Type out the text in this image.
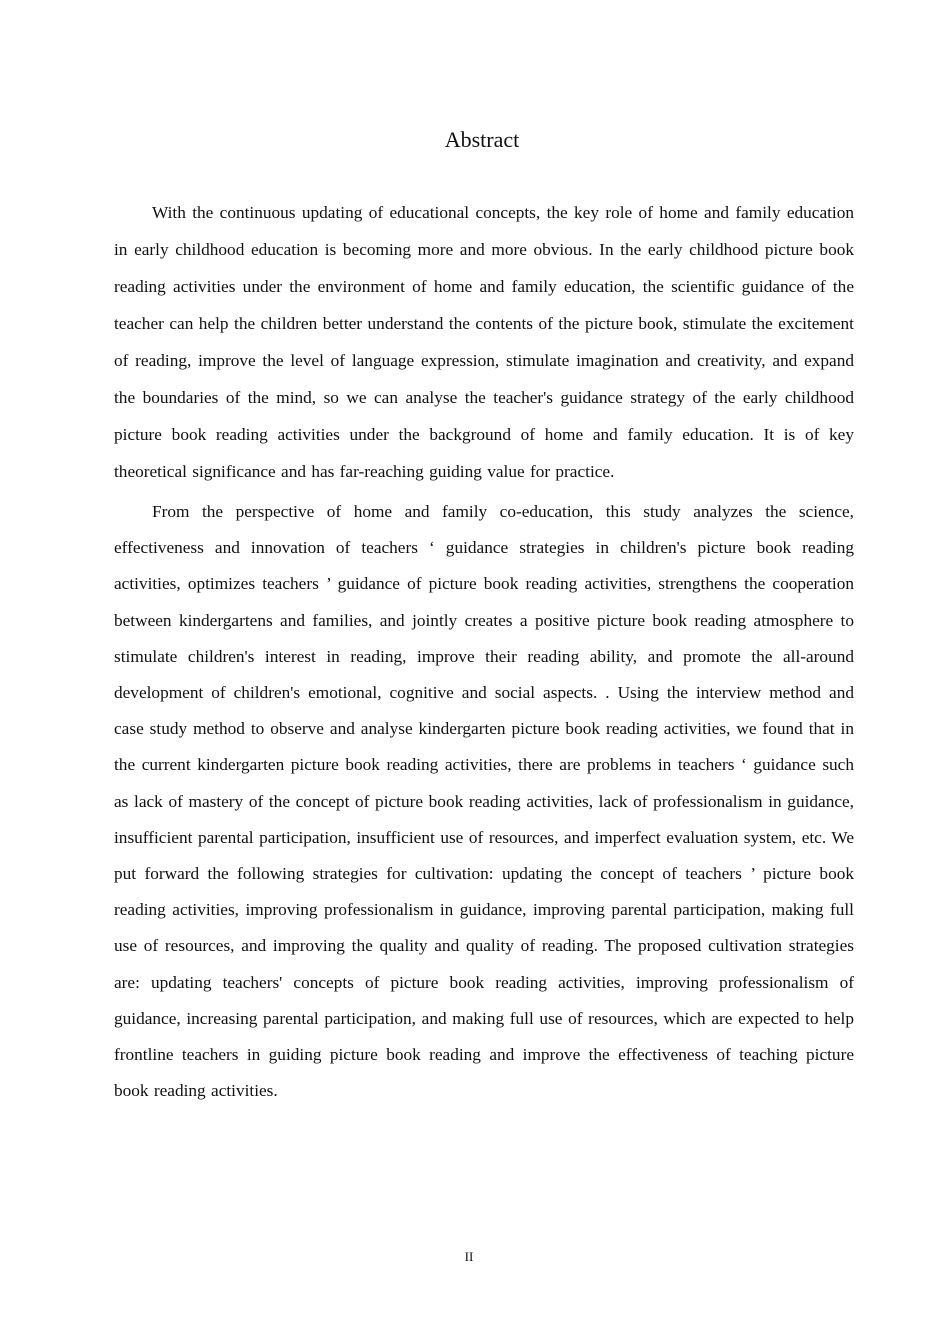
Abstract

With the continuous updating of educational concepts, the key role of home and family education in early childhood education is becoming more and more obvious. In the early childhood picture book reading activities under the environment of home and family education, the scientific guidance of the teacher can help the children better understand the contents of the picture book, stimulate the excitement of reading, improve the level of language expression, stimulate imagination and creativity, and expand the boundaries of the mind, so we can analyse the teacher's guidance strategy of the early childhood picture book reading activities under the background of home and family education. It is of key theoretical significance and has far-reaching guiding value for practice.

From the perspective of home and family co-education, this study analyzes the science, effectiveness and innovation of teachers ‘ guidance strategies in children's picture book reading activities, optimizes teachers ’ guidance of picture book reading activities, strengthens the cooperation between kindergartens and families, and jointly creates a positive picture book reading atmosphere to stimulate children's interest in reading, improve their reading ability, and promote the all-around development of children's emotional, cognitive and social aspects. . Using the interview method and case study method to observe and analyse kindergarten picture book reading activities, we found that in the current kindergarten picture book reading activities, there are problems in teachers ‘ guidance such as lack of mastery of the concept of picture book reading activities, lack of professionalism in guidance, insufficient parental participation, insufficient use of resources, and imperfect evaluation system, etc. We put forward the following strategies for cultivation: updating the concept of teachers ’ picture book reading activities, improving professionalism in guidance, improving parental participation, making full use of resources, and improving the quality and quality of reading. The proposed cultivation strategies are: updating teachers' concepts of picture book reading activities, improving professionalism of guidance, increasing parental participation, and making full use of resources, which are expected to help frontline teachers in guiding picture book reading and improve the effectiveness of teaching picture book reading activities.

II
